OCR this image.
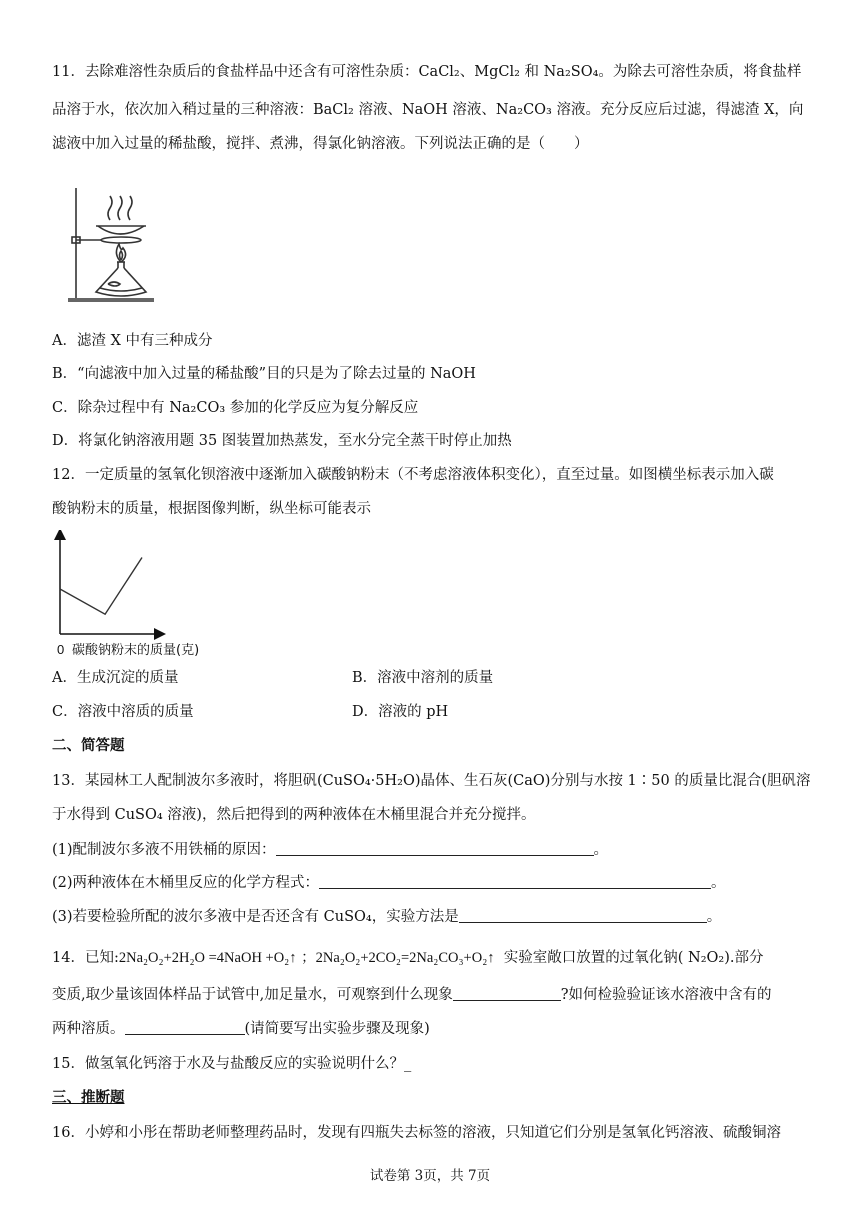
11．去除难溶性杂质后的食盐样品中还含有可溶性杂质：CaCl₂、MgCl₂ 和 Na₂SO₄。为除去可溶性杂质，将食盐样
品溶于水，依次加入稍过量的三种溶液：BaCl₂ 溶液、NaOH 溶液、Na₂CO₃ 溶液。充分反应后过滤，得滤渣 X，向
滤液中加入过量的稀盐酸，搅拌、煮沸，得氯化钠溶液。下列说法正确的是（　　）
A．滤渣 X 中有三种成分
B．“向滤液中加入过量的稀盐酸”目的只是为了除去过量的 NaOH
C．除杂过程中有 Na₂CO₃ 参加的化学反应为复分解反应
D．将氯化钠溶液用题 35 图装置加热蒸发，至水分完全蒸干时停止加热
12．一定质量的氢氧化钡溶液中逐渐加入碳酸钠粉末（不考虑溶液体积变化），直至过量。如图横坐标表示加入碳
酸钠粉末的质量，根据图像判断，纵坐标可能表示
0 碳酸钠粉末的质量(克)
A．生成沉淀的质量	B．溶液中溶剂的质量
C．溶液中溶质的质量	D．溶液的 pH
二、简答题
13．某园林工人配制波尔多液时，将胆矾(CuSO₄·5H₂O)晶体、生石灰(CaO)分别与水按 1∶50 的质量比混合(胆矾溶
于水得到 CuSO₄ 溶液)，然后把得到的两种液体在木桶里混合并充分搅拌。
(1)配制波尔多液不用铁桶的原因：	。
(2)两种液体在木桶里反应的化学方程式：	。
(3)若要检验所配的波尔多液中是否还含有 CuSO₄，实验方法是	。
14．已知:2Na₂O₂+2H₂O =4NaOH +O₂↑ ；2Na₂O₂+2CO₂=2Na₂CO₃+O₂↑ 实验室敞口放置的过氧化钠( N₂O₂).部分
变质,取少量该固体样品于试管中,加足量水，可观察到什么现象	?如何检验验证该水溶液中含有的
两种溶质。	(请简要写出实验步骤及现象)
15．做氢氧化钙溶于水及与盐酸反应的实验说明什么？_
三、推断题
16．小婷和小彤在帮助老师整理药品时，发现有四瓶失去标签的溶液，只知道它们分别是氢氧化钙溶液、硫酸铜溶
试卷第 3页，共 7页
